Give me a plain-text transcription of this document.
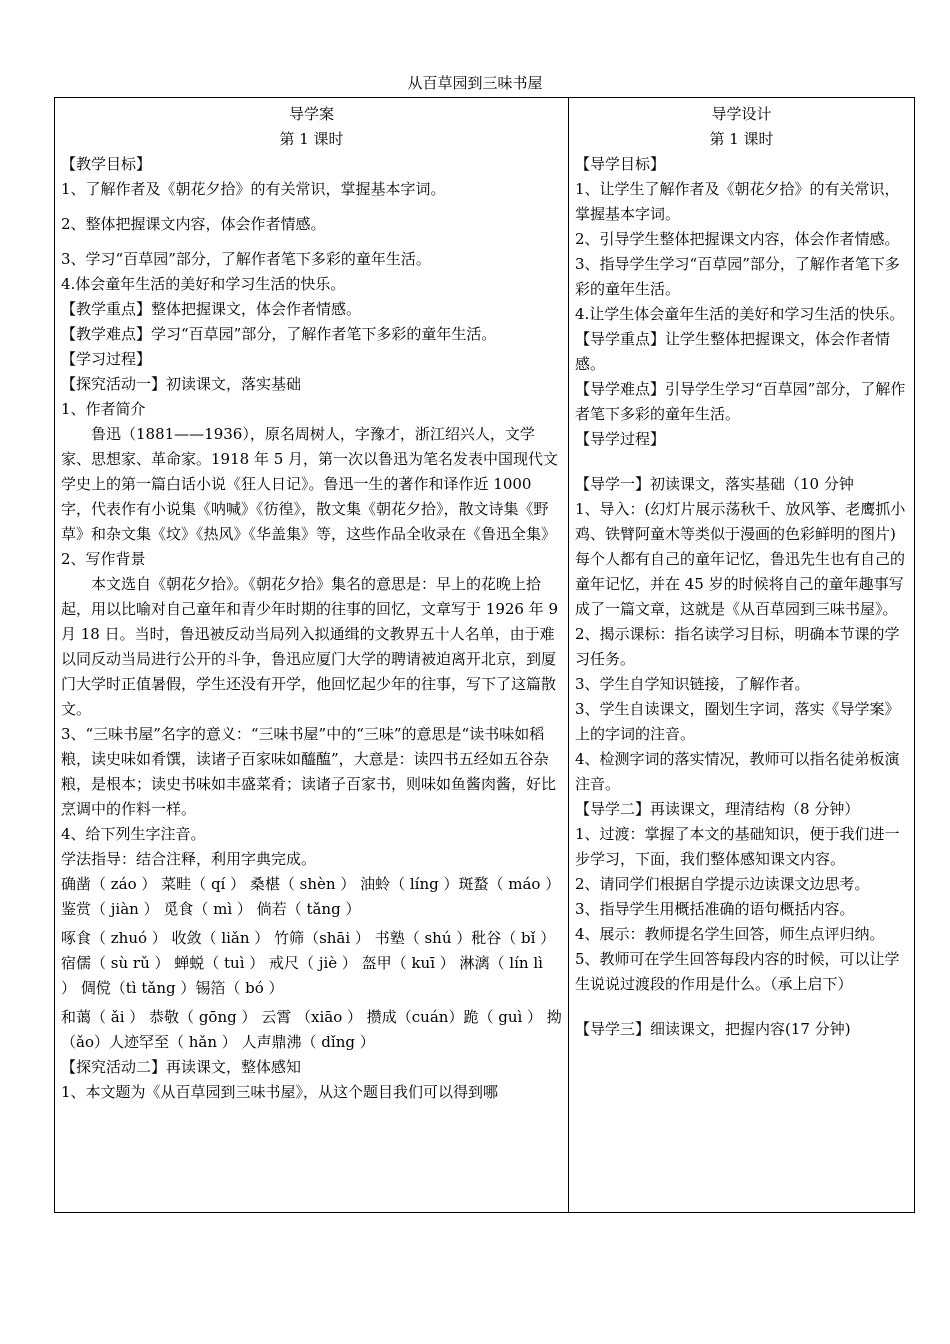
从百草园到三味书屋
导学案
第 1 课时

【教学目标】

1、了解作者及《朝花夕拾》的有关常识，掌握基本字词。

2、整体把握课文内容，体会作者情感。

3、学习“百草园”部分，了解作者笔下多彩的童年生活。

4.体会童年生活的美好和学习生活的快乐。

【教学重点】整体把握课文，体会作者情感。

【教学难点】学习“百草园”部分，了解作者笔下多彩的童年生活。

【学习过程】

【探究活动一】初读课文，落实基础

1、作者简介

鲁迅（1881——1936），原名周树人，字豫才，浙江绍兴人，文学家、思想家、革命家。1918 年 5 月，第一次以鲁迅为笔名发表中国现代文学史上的第一篇白话小说《狂人日记》。鲁迅一生的著作和译作近 1000 字，代表作有小说集《呐喊》《彷徨》，散文集《朝花夕拾》，散文诗集《野草》和杂文集《坟》《热风》《华盖集》等，这些作品全收录在《鲁迅全集》

2、写作背景

本文选自《朝花夕拾》。《朝花夕拾》集名的意思是：早上的花晚上拾起，用以比喻对自己童年和青少年时期的往事的回忆，文章写于 1926 年 9 月 18 日。当时，鲁迅被反动当局列入拟通缉的文教界五十人名单，由于难以同反动当局进行公开的斗争，鲁迅应厦门大学的聘请被迫离开北京，到厦门大学时正值暑假，学生还没有开学，他回忆起少年的往事，写下了这篇散文。

3、“三味书屋”名字的意义：“三味书屋”中的“三味”的意思是“读书味如稻粮，读史味如肴馔，读诸子百家味如醯醢”，大意是：读四书五经如五谷杂粮，是根本；读史书味如丰盛菜肴；读诸子百家书，则味如鱼酱肉酱，好比烹调中的作料一样。

4、给下列生字注音。

学法指导：结合注释，利用字典完成。

确凿（ záo ） 菜畦（ qí ） 桑椹（ shèn ） 油蛉（ líng ）斑蝥（ máo ） 鉴赏（ jiàn ） 觅食（ mì ） 倘若（ tǎng ）

啄食（ zhuó ） 收敛（ liǎn ） 竹筛（shāi ） 书塾（ shú ）秕谷（ bǐ ） 宿儒（ sù rǔ ） 蝉蜕（ tuì ） 戒尺（ jiè ） 盔甲（ kuī ） 淋漓（ lín lì ） 倜傥（tì tǎng ）锡箔（ bó ）

和蔼（ ǎi ） 恭敬（ gōng ） 云霄 （xiāo ） 攒成（cuán）跪（ guì ） 拗（ǎo）人迹罕至（ hǎn ） 人声鼎沸（ dǐng ）

【探究活动二】再读课文，整体感知

1、本文题为《从百草园到三味书屋》，从这个题目我们可以得到哪

导学设计
第 1 课时

【导学目标】

1、让学生了解作者及《朝花夕拾》的有关常识，掌握基本字词。

2、引导学生整体把握课文内容，体会作者情感。

3、指导学生学习“百草园”部分，了解作者笔下多彩的童年生活。

4.让学生体会童年生活的美好和学习生活的快乐。

【导学重点】让学生整体把握课文，体会作者情感。

【导学难点】引导学生学习“百草园”部分，了解作者笔下多彩的童年生活。

【导学过程】

【导学一】初读课文，落实基础（10 分钟

1、导入：(幻灯片展示荡秋千、放风筝、老鹰抓小鸡、铁臂阿童木等类似于漫画的色彩鲜明的图片)每个人都有自己的童年记忆，鲁迅先生也有自己的童年记忆，并在 45 岁的时候将自己的童年趣事写成了一篇文章，这就是《从百草园到三味书屋》。

2、揭示课标：指名读学习目标，明确本节课的学习任务。

3、学生自学知识链接，了解作者。

3、学生自读课文，圈划生字词，落实《导学案》上的字词的注音。

4、检测字词的落实情况，教师可以指名徒弟板演注音。

【导学二】再读课文，理清结构（8 分钟）

1、过渡：掌握了本文的基础知识，便于我们进一步学习，下面，我们整体感知课文内容。

2、请同学们根据自学提示边读课文边思考。

3、指导学生用概括准确的语句概括内容。

4、展示：教师提名学生回答，师生点评归纳。

5、教师可在学生回答每段内容的时候，可以让学生说说过渡段的作用是什么。（承上启下）

【导学三】细读课文，把握内容(17 分钟)
